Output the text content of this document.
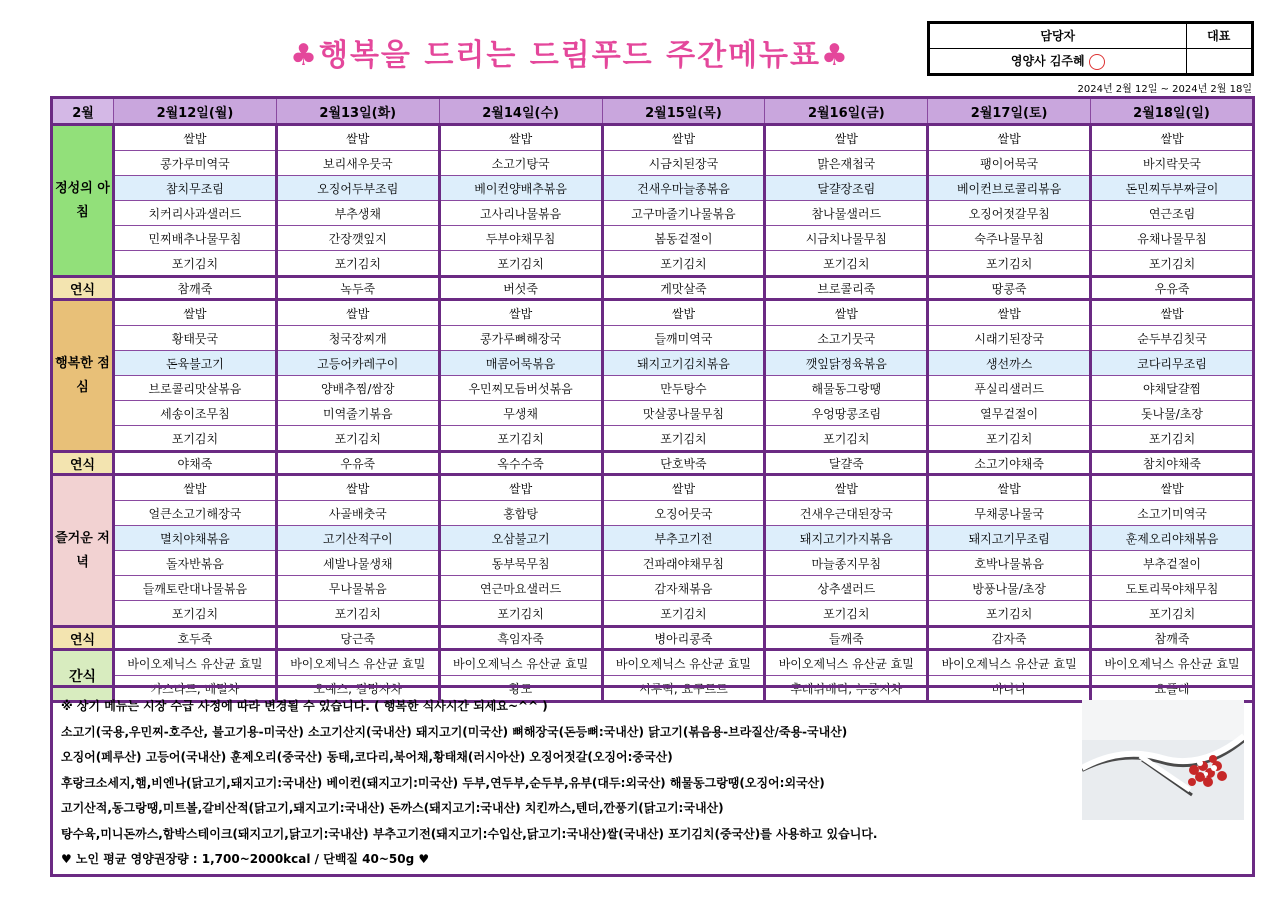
♣행복을 드리는 드림푸드 주간메뉴표♣
담당자	대표
영양사 김주혜	
2024년 2월 12일 ~ 2024년 2월 18일
2월	2월12일(월)	2월13일(화)	2월14일(수)	2월15일(목)	2월16일(금)	2월17일(토)	2월18일(일)
정성의 아침	쌀밥	쌀밥	쌀밥	쌀밥	쌀밥	쌀밥	쌀밥
	콩가루미역국	보리새우뭇국	소고기탕국	시금치된장국	맑은재첩국	팽이어묵국	바지락뭇국
	참치무조림	오징어두부조림	베이컨양배추볶음	건새우마늘종볶음	달걀장조림	베이컨브로콜리볶음	돈민찌두부짜글이
	치커리사과샐러드	부추생채	고사리나물볶음	고구마줄기나물볶음	참나물샐러드	오징어젓갈무침	연근조림
	민찌배추나물무침	간장깻잎지	두부야채무침	봄동겉절이	시금치나물무침	숙주나물무침	유채나물무침
	포기김치	포기김치	포기김치	포기김치	포기김치	포기김치	포기김치
연식	참깨죽	녹두죽	버섯죽	게맛살죽	브로콜리죽	땅콩죽	우유죽
행복한 점심	쌀밥	쌀밥	쌀밥	쌀밥	쌀밥	쌀밥	쌀밥
	황태뭇국	청국장찌개	콩가루뼈해장국	들깨미역국	소고기뭇국	시래기된장국	순두부김칫국
	돈육불고기	고등어카레구이	매콤어묵볶음	돼지고기김치볶음	깻잎닭정육볶음	생선까스	코다리무조림
	브로콜리맛살볶음	양배추찜/쌈장	우민찌모듬버섯볶음	만두탕수	해물동그랑땡	푸실리샐러드	야채달걀찜
	세송이조무침	미역줄기볶음	무생채	맛살콩나물무침	우엉땅콩조림	열무겉절이	돗나물/초장
	포기김치	포기김치	포기김치	포기김치	포기김치	포기김치	포기김치
연식	야채죽	우유죽	옥수수죽	단호박죽	달걀죽	소고기야채죽	참치야채죽
즐거운 저녁	쌀밥	쌀밥	쌀밥	쌀밥	쌀밥	쌀밥	쌀밥
	얼큰소고기해장국	사골배춧국	홍합탕	오징어뭇국	건새우근대된장국	무채콩나물국	소고기미역국
	멸치야채볶음	고기산적구이	오삼불고기	부추고기전	돼지고기가지볶음	돼지고기무조림	훈제오리야채볶음
	돌자반볶음	세발나물생채	동부묵무침	건파래야채무침	마늘종지무침	호박나물볶음	부추겉절이
	들깨토란대나물볶음	무나물볶음	연근마요샐러드	감자채볶음	상추샐러드	방풍나물/초장	도토리묵야채무침
	포기김치	포기김치	포기김치	포기김치	포기김치	포기김치	포기김치
연식	호두죽	당근죽	흑임자죽	병아리콩죽	들깨죽	감자죽	참깨죽
간식	바이오제닉스 유산균 효밀	바이오제닉스 유산균 효밀	바이오제닉스 유산균 효밀	바이오제닉스 유산균 효밀	바이오제닉스 유산균 효밀	바이오제닉스 유산균 효밀	바이오제닉스 유산균 효밀
	카스타드, 메밀차	오예스, 결명자차	황도	시루떡, 요구르트	후레쉬베리, 누룽지차	바나나	요플레
※ 상기 메뉴는 시장 수급 사정에 따라 변경될 수 있습니다. ( 행복한 식사시간 되세요~^^ )
소고기(국용,우민찌-호주산, 불고기용-미국산) 소고기산지(국내산) 돼지고기(미국산) 뼈해장국(돈등뼈:국내산) 닭고기(볶음용-브라질산/죽용-국내산)
오징어(페루산) 고등어(국내산) 훈제오리(중국산) 동태,코다리,북어채,황태채(러시아산) 오징어젓갈(오징어:중국산)
후랑크소세지,햄,비엔나(닭고기,돼지고기:국내산) 베이컨(돼지고기:미국산) 두부,연두부,순두부,유부(대두:외국산) 해물동그랑땡(오징어:외국산)
고기산적,동그랑땡,미트볼,갈비산적(닭고기,돼지고기:국내산) 돈까스(돼지고기:국내산) 치킨까스,텐더,깐풍기(닭고기:국내산)
탕수육,미니돈까스,함박스테이크(돼지고기,닭고기:국내산) 부추고기전(돼지고기:수입산,닭고기:국내산)쌀(국내산) 포기김치(중국산)를 사용하고 있습니다.
♥ 노인 평균 영양권장량 : 1,700~2000kcal / 단백질 40~50g ♥
